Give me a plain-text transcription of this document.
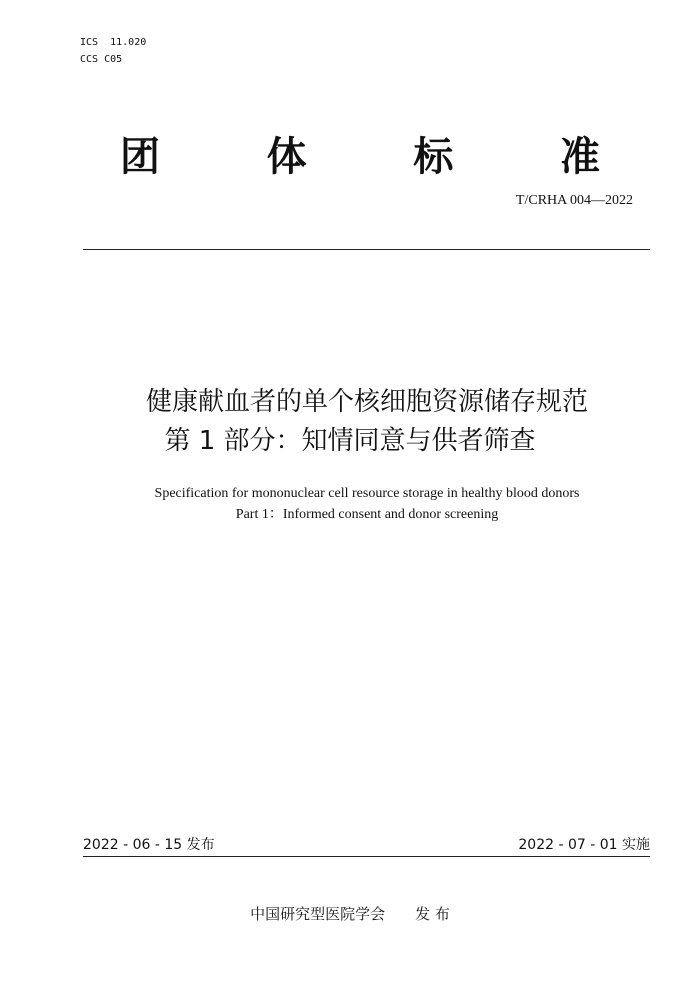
ICS 11.020
CCS C05
团	体	标	准
T/CRHA 004—2022
健康献血者的单个核细胞资源储存规范
第 1 部分：知情同意与供者筛查
Specification for mononuclear cell resource storage in healthy blood donors
Part 1：Informed consent and donor screening
2022 - 06 - 15 发布	2022 - 07 - 01 实施
中国研究型医院学会 发 布
